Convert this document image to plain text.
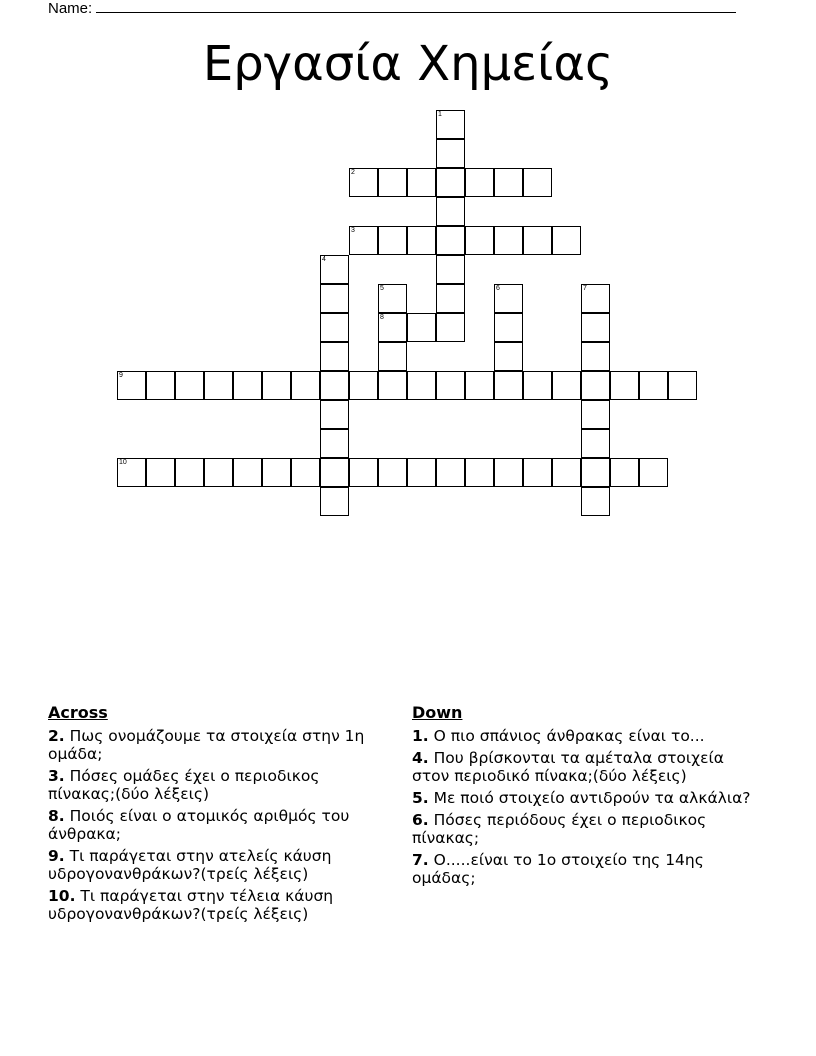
Name:
Εργασία Χημείας
1
2
3
4
5
8
6	7
9
10
Across
2. Πως ονομάζουμε τα στοιχεία στην 1η ομάδα;
3. Πόσες ομάδες έχει ο περιοδικος πίνακας;(δύο λέξεις)
8. Ποιός είναι ο ατομικός αριθμός του άνθρακα;
9. Τι παράγεται στην ατελείς κάυση υδρογονανθράκων?(τρείς λέξεις)
10. Τι παράγεται στην τέλεια κάυση υδρογονανθράκων?(τρείς λέξεις)
Down
1. Ο πιο σπάνιος άνθρακας είναι το...
4. Που βρίσκονται τα αμέταλα στοιχεία στον περιοδικό πίνακα;(δύο λέξεις)
5. Με ποιό στοιχείο αντιδρούν τα αλκάλια?
6. Πόσες περιόδους έχει ο περιοδικος πίνακας;
7. Ο.....είναι το 1ο στοιχείο της 14ης ομάδας;
